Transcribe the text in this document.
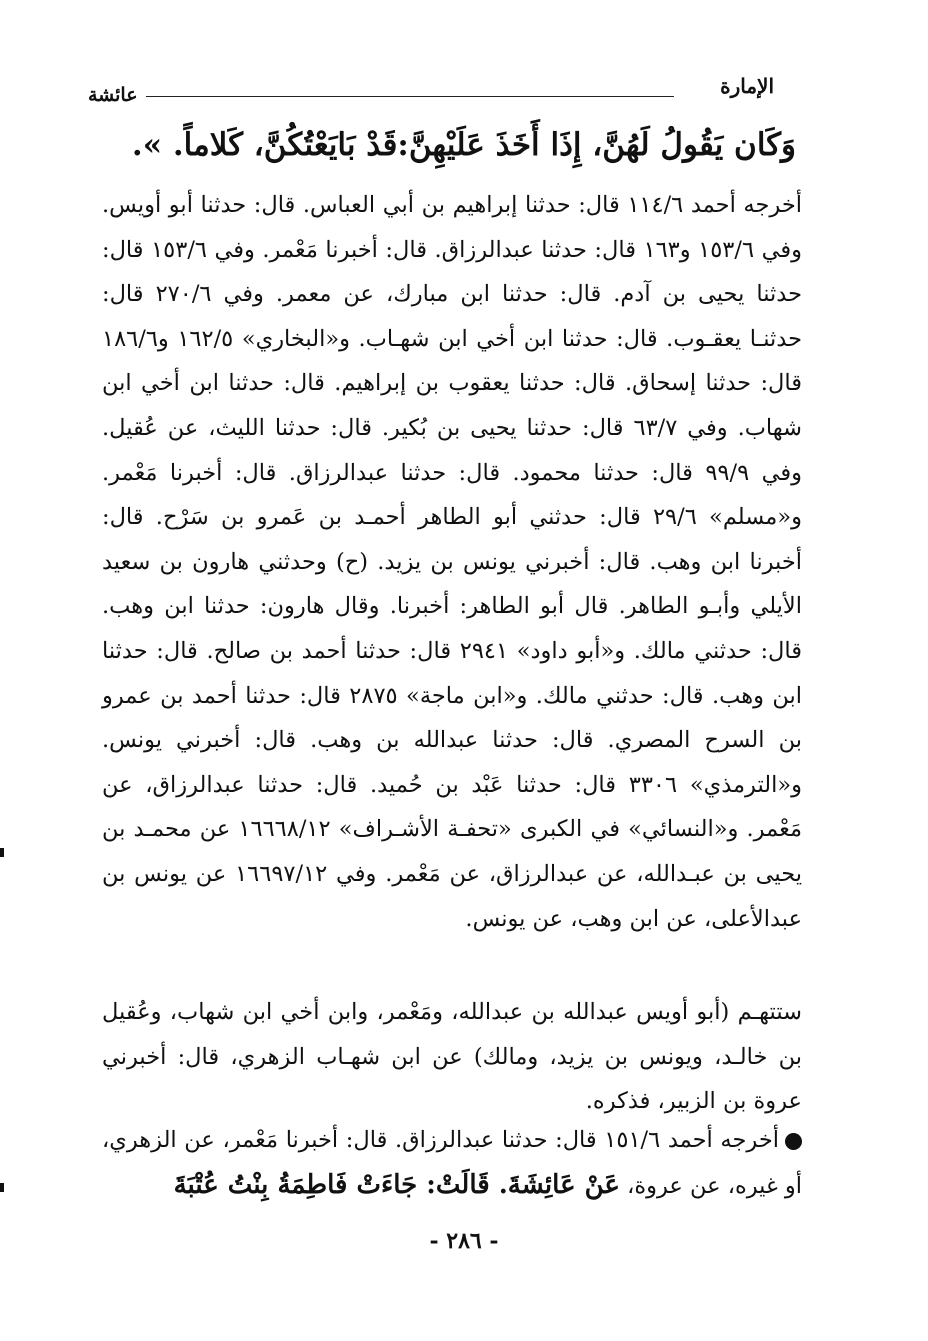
الإمارة
عائشة
وَكَان يَقُولُ لَهُنَّ، إِذَا أَخَذَ عَلَيْهِنَّ:قَدْ بَايَعْتُكُنَّ، كَلاماً. ».
أخرجه أحمد ١١٤/٦ قال: حدثنا إبراهيم بن أبي العباس. قال: حدثنا أبو أويس. وفي ١٥٣/٦ و١٦٣ قال: حدثنا عبدالرزاق. قال: أخبرنا مَعْمر. وفي ١٥٣/٦ قال: حدثنا يحيى بن آدم. قال: حدثنا ابن مبارك، عن معمر. وفي ٢٧٠/٦ قال: حدثنـا يعقـوب. قال: حدثنا ابن أخي ابن شهـاب. و«البخاري» ١٦٢/٥ و١٨٦/٦ قال: حدثنا إسحاق. قال: حدثنا يعقوب بن إبراهيم. قال: حدثنا ابن أخي ابن شهاب. وفي ٦٣/٧ قال: حدثنا يحيى بن بُكير. قال: حدثنا الليث، عن عُقيل. وفي ٩٩/٩ قال: حدثنا محمود. قال: حدثنا عبدالرزاق. قال: أخبرنا مَعْمر. و«مسلم» ٢٩/٦ قال: حدثني أبو الطاهر أحمـد بن عَمرو بن سَرْح. قال: أخبرنا ابن وهب. قال: أخبرني يونس بن يزيد. (ح) وحدثني هارون بن سعيد الأيلي وأبـو الطاهر. قال أبو الطاهر: أخبرنا. وقال هارون: حدثنا ابن وهب. قال: حدثني مالك. و«أبو داود» ٢٩٤١ قال: حدثنا أحمد بن صالح. قال: حدثنا ابن وهب. قال: حدثني مالك. و«ابن ماجة» ٢٨٧٥ قال: حدثنا أحمد بن عمرو بن السرح المصري. قال: حدثنا عبدالله بن وهب. قال: أخبرني يونس. و«الترمذي» ٣٣٠٦ قال: حدثنا عَبْد بن حُميد. قال: حدثنا عبدالرزاق، عن مَعْمر. و«النسائي» في الكبرى «تحفـة الأشـراف» ١٦٦٦٨/١٢ عن محمـد بن يحيى بن عبـدالله، عن عبدالرزاق، عن مَعْمر. وفي ١٦٦٩٧/١٢ عن يونس بن عبدالأعلى، عن ابن وهب، عن يونس.
ستتهـم (أبو أويس عبدالله بن عبدالله، ومَعْمر، وابن أخي ابن شهاب، وعُقيل بن خالـد، ويونس بن يزيد، ومالك) عن ابن شهـاب الزهري، قال: أخبرني عروة بن الزبير، فذكره.
أخرجه أحمد ١٥١/٦ قال: حدثنا عبدالرزاق. قال: أخبرنا مَعْمر، عن الزهري، أو غيره، عن عروة، عَنْ عَائِشَةَ. قَالَتْ: جَاءَتْ فَاطِمَةُ بِنْتُ عُتْبَةَ
- ٢٨٦ -
